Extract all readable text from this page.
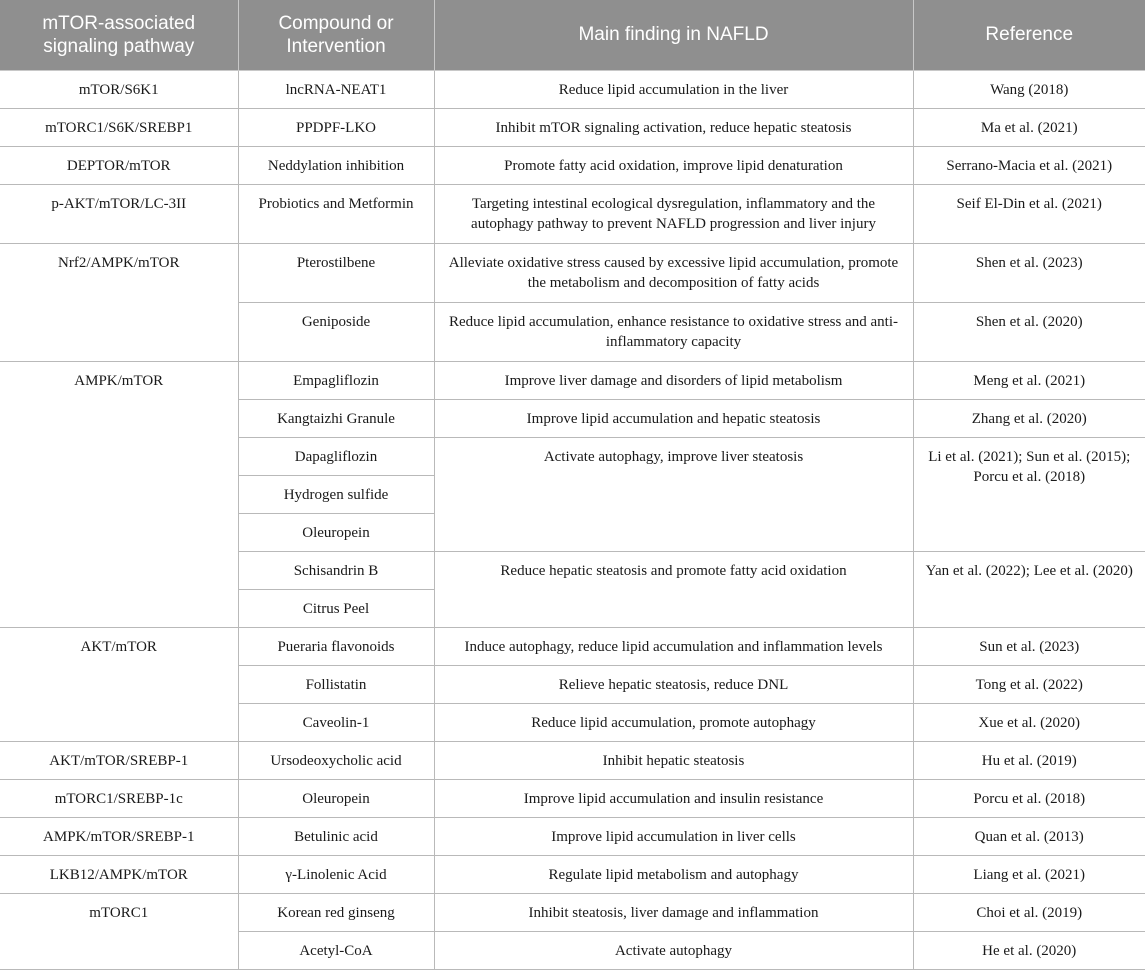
mTOR-associated signaling pathway	Compound or Intervention	Main finding in NAFLD	Reference
mTOR/S6K1	lncRNA-NEAT1	Reduce lipid accumulation in the liver	Wang (2018)
mTORC1/S6K/SREBP1	PPDPF-LKO	Inhibit mTOR signaling activation, reduce hepatic steatosis	Ma et al. (2021)
DEPTOR/mTOR	Neddylation inhibition	Promote fatty acid oxidation, improve lipid denaturation	Serrano-Macia et al. (2021)
p-AKT/mTOR/LC-3II	Probiotics and Metformin	Targeting intestinal ecological dysregulation, inflammatory and the autophagy pathway to prevent NAFLD progression and liver injury	Seif El-Din et al. (2021)
Nrf2/AMPK/mTOR	Pterostilbene	Alleviate oxidative stress caused by excessive lipid accumulation, promote the metabolism and decomposition of fatty acids	Shen et al. (2023)
	Geniposide	Reduce lipid accumulation, enhance resistance to oxidative stress and anti-inflammatory capacity	Shen et al. (2020)
AMPK/mTOR	Empagliflozin	Improve liver damage and disorders of lipid metabolism	Meng et al. (2021)
	Kangtaizhi Granule	Improve lipid accumulation and hepatic steatosis	Zhang et al. (2020)
	Dapagliflozin	Activate autophagy, improve liver steatosis	Li et al. (2021); Sun et al. (2015); Porcu et al. (2018)
	Hydrogen sulfide		
	Oleuropein		
	Schisandrin B	Reduce hepatic steatosis and promote fatty acid oxidation	Yan et al. (2022); Lee et al. (2020)
	Citrus Peel		
AKT/mTOR	Pueraria flavonoids	Induce autophagy, reduce lipid accumulation and inflammation levels	Sun et al. (2023)
	Follistatin	Relieve hepatic steatosis, reduce DNL	Tong et al. (2022)
	Caveolin-1	Reduce lipid accumulation, promote autophagy	Xue et al. (2020)
AKT/mTOR/SREBP-1	Ursodeoxycholic acid	Inhibit hepatic steatosis	Hu et al. (2019)
mTORC1/SREBP-1c	Oleuropein	Improve lipid accumulation and insulin resistance	Porcu et al. (2018)
AMPK/mTOR/SREBP-1	Betulinic acid	Improve lipid accumulation in liver cells	Quan et al. (2013)
LKB12/AMPK/mTOR	γ-Linolenic Acid	Regulate lipid metabolism and autophagy	Liang et al. (2021)
mTORC1	Korean red ginseng	Inhibit steatosis, liver damage and inflammation	Choi et al. (2019)
	Acetyl-CoA	Activate autophagy	He et al. (2020)
